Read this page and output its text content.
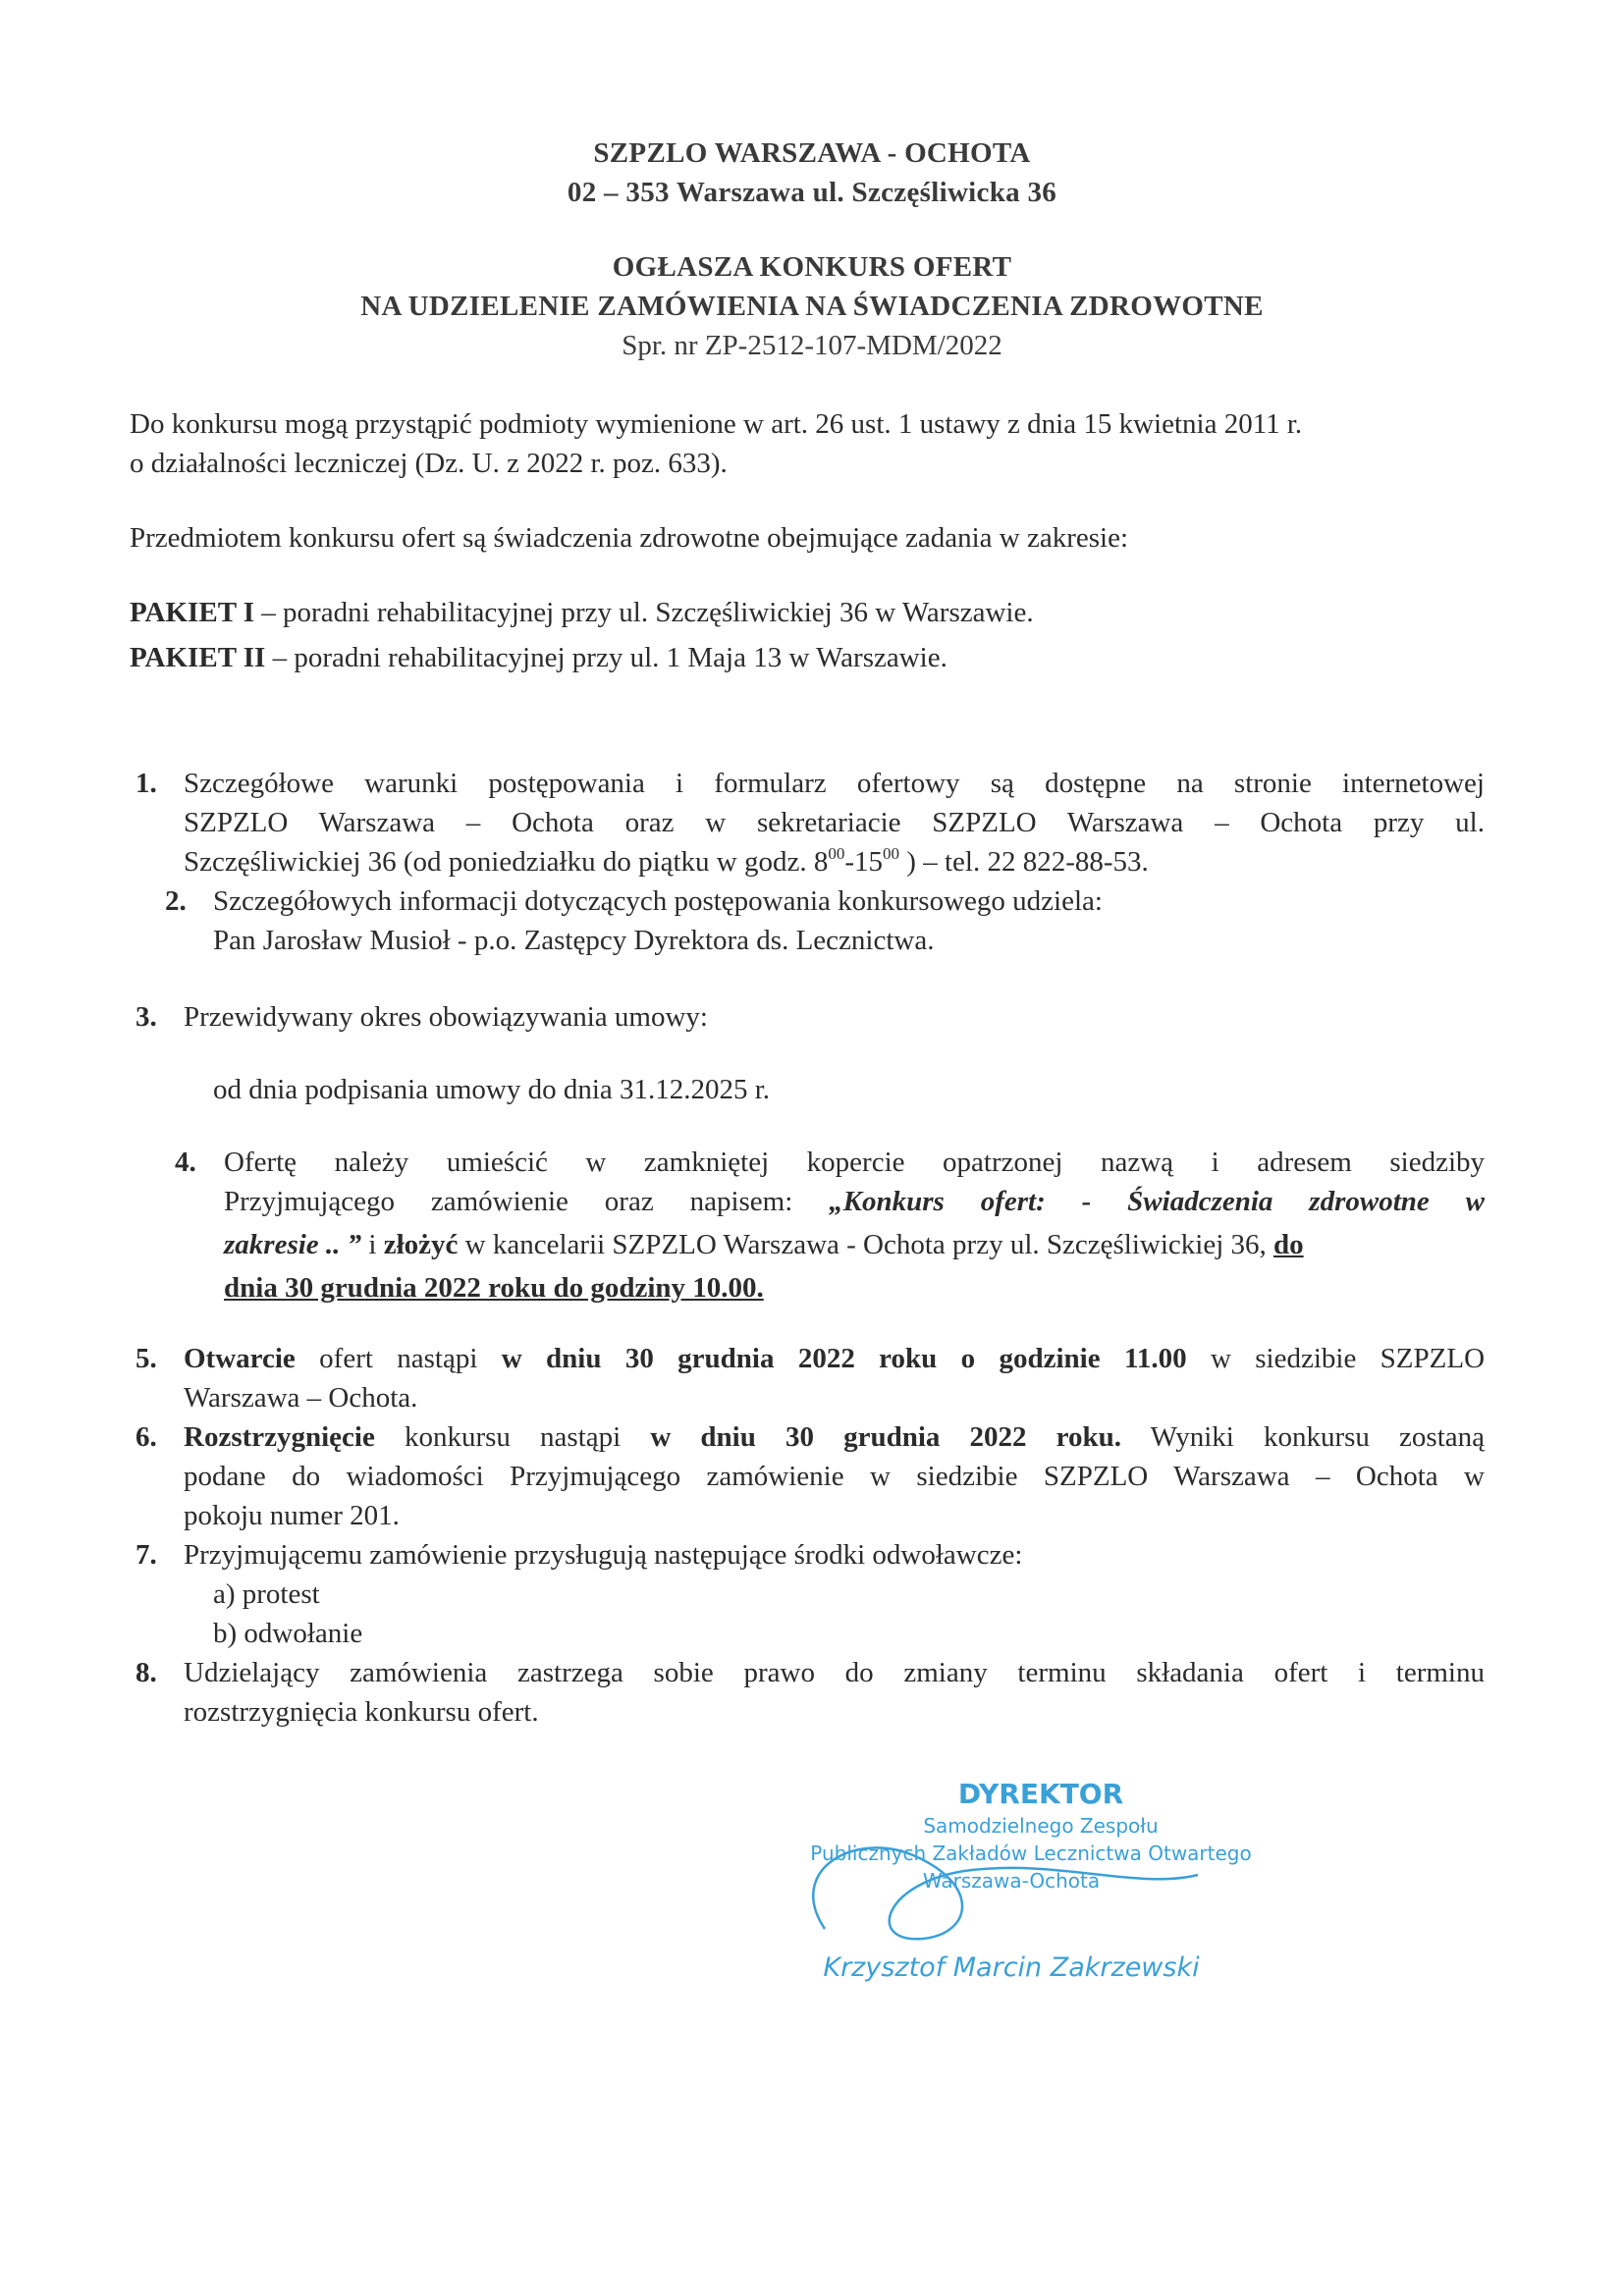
SZPZLO WARSZAWA - OCHOTA
02 – 353 Warszawa ul. Szczęśliwicka 36
OGŁASZA KONKURS OFERT
NA UDZIELENIE ZAMÓWIENIA NA ŚWIADCZENIA ZDROWOTNE
Spr. nr ZP-2512-107-MDM/2022
Do konkursu mogą przystąpić podmioty wymienione w art. 26 ust. 1 ustawy z dnia 15 kwietnia 2011 r.
o działalności leczniczej (Dz. U. z 2022 r. poz. 633).
Przedmiotem konkursu ofert są świadczenia zdrowotne obejmujące zadania w zakresie:
PAKIET I – poradni rehabilitacyjnej przy ul. Szczęśliwickiej 36 w Warszawie.
PAKIET II – poradni rehabilitacyjnej przy ul. 1 Maja 13 w Warszawie.
1. Szczegółowe warunki postępowania i formularz ofertowy są dostępne na stronie internetowej
SZPZLO Warszawa – Ochota oraz w sekretariacie SZPZLO Warszawa – Ochota przy ul.
Szczęśliwickiej 36 (od poniedziałku do piątku w godz. $8^{00}-15^{00}$ ) – tel. 22 822-88-53.
2. Szczegółowych informacji dotyczących postępowania konkursowego udziela:
Pan Jarosław Musioł - p.o. Zastępcy Dyrektora ds. Lecznictwa.
3. Przewidywany okres obowiązywania umowy:
od dnia podpisania umowy do dnia 31.12.2025 r.
4. Ofertę należy umieścić w zamkniętej kopercie opatrzonej nazwą i adresem siedziby
Przyjmującego zamówienie oraz napisem: „Konkurs ofert: - Świadczenia zdrowotne w
zakresie .. ” i złożyć w kancelarii SZPZLO Warszawa - Ochota przy ul. Szczęśliwickiej 36, do
dnia 30 grudnia 2022 roku do godziny 10.00.
5. Otwarcie ofert nastąpi w dniu 30 grudnia 2022 roku o godzinie 11.00 w siedzibie SZPZLO
Warszawa – Ochota.
6. Rozstrzygnięcie konkursu nastąpi w dniu 30 grudnia 2022 roku. Wyniki konkursu zostaną
podane do wiadomości Przyjmującego zamówienie w siedzibie SZPZLO Warszawa – Ochota w
pokoju numer 201.
7. Przyjmującemu zamówienie przysługują następujące środki odwoławcze:
a) protest
b) odwołanie
8. Udzielający zamówienia zastrzega sobie prawo do zmiany terminu składania ofert i terminu
rozstrzygnięcia konkursu ofert.
DYREKTOR
Samodzielnego Zespołu
Publicznych Zakładów Lecznictwa Otwartego
Warszawa-Ochota
Krzysztof Marcin Zakrzewski
